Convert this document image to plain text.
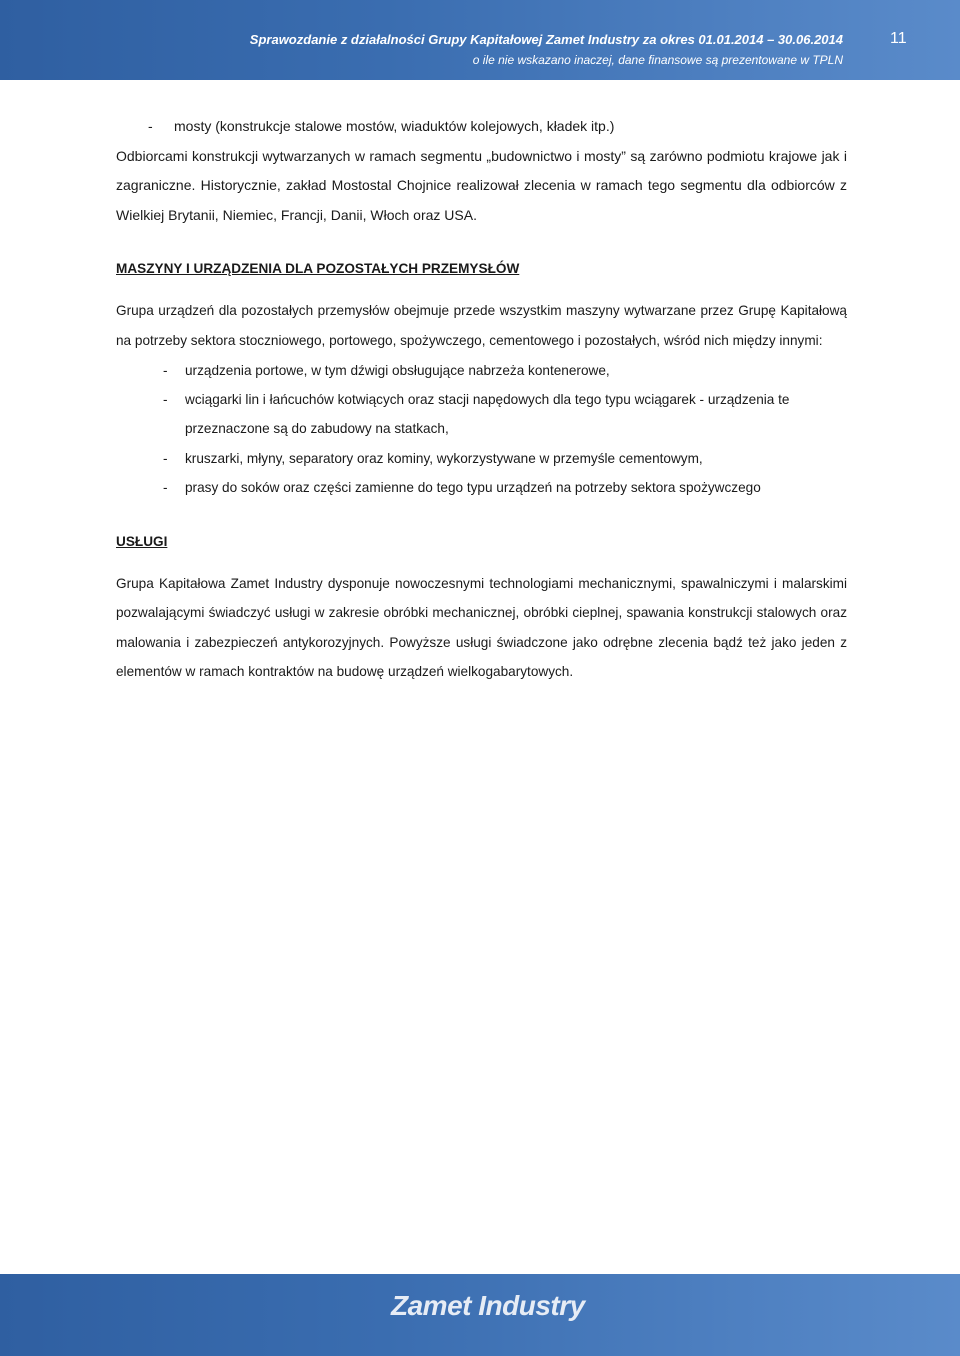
Sprawozdanie z działalności Grupy Kapitałowej Zamet Industry za okres 01.01.2014 – 30.06.2014
o ile nie wskazano inaczej, dane finansowe są prezentowane w TPLN
11

- mosty (konstrukcje stalowe mostów, wiaduktów kolejowych, kładek itp.)

Odbiorcami konstrukcji wytwarzanych w ramach segmentu „budownictwo i mosty” są zarówno podmiotu krajowe jak i zagraniczne. Historycznie, zakład Mostostal Chojnice realizował zlecenia w ramach tego segmentu dla odbiorców z Wielkiej Brytanii, Niemiec, Francji, Danii, Włoch oraz USA.

MASZYNY I URZĄDZENIA DLA POZOSTAŁYCH PRZEMYSŁÓW

Grupa urządzeń dla pozostałych przemysłów obejmuje przede wszystkim maszyny wytwarzane przez Grupę Kapitałową na potrzeby sektora stoczniowego, portowego, spożywczego, cementowego i pozostałych, wśród nich między innymi:

- urządzenia portowe, w tym dźwigi obsługujące nabrzeża kontenerowe,

- wciągarki lin i łańcuchów kotwiących oraz stacji napędowych dla tego typu wciągarek - urządzenia te przeznaczone są do zabudowy na statkach,

- kruszarki, młyny, separatory oraz kominy, wykorzystywane w przemyśle cementowym,

- prasy do soków oraz części zamienne do tego typu urządzeń na potrzeby sektora spożywczego

USŁUGI

Grupa Kapitałowa Zamet Industry dysponuje nowoczesnymi technologiami mechanicznymi, spawalniczymi i malarskimi pozwalającymi świadczyć usługi w zakresie obróbki mechanicznej, obróbki cieplnej, spawania konstrukcji stalowych oraz malowania i zabezpieczeń antykorozyjnych. Powyższe usługi świadczone jako odrębne zlecenia bądź też jako jeden z elementów w ramach kontraktów na budowę urządzeń wielkogabarytowych.

Zamet Industry
